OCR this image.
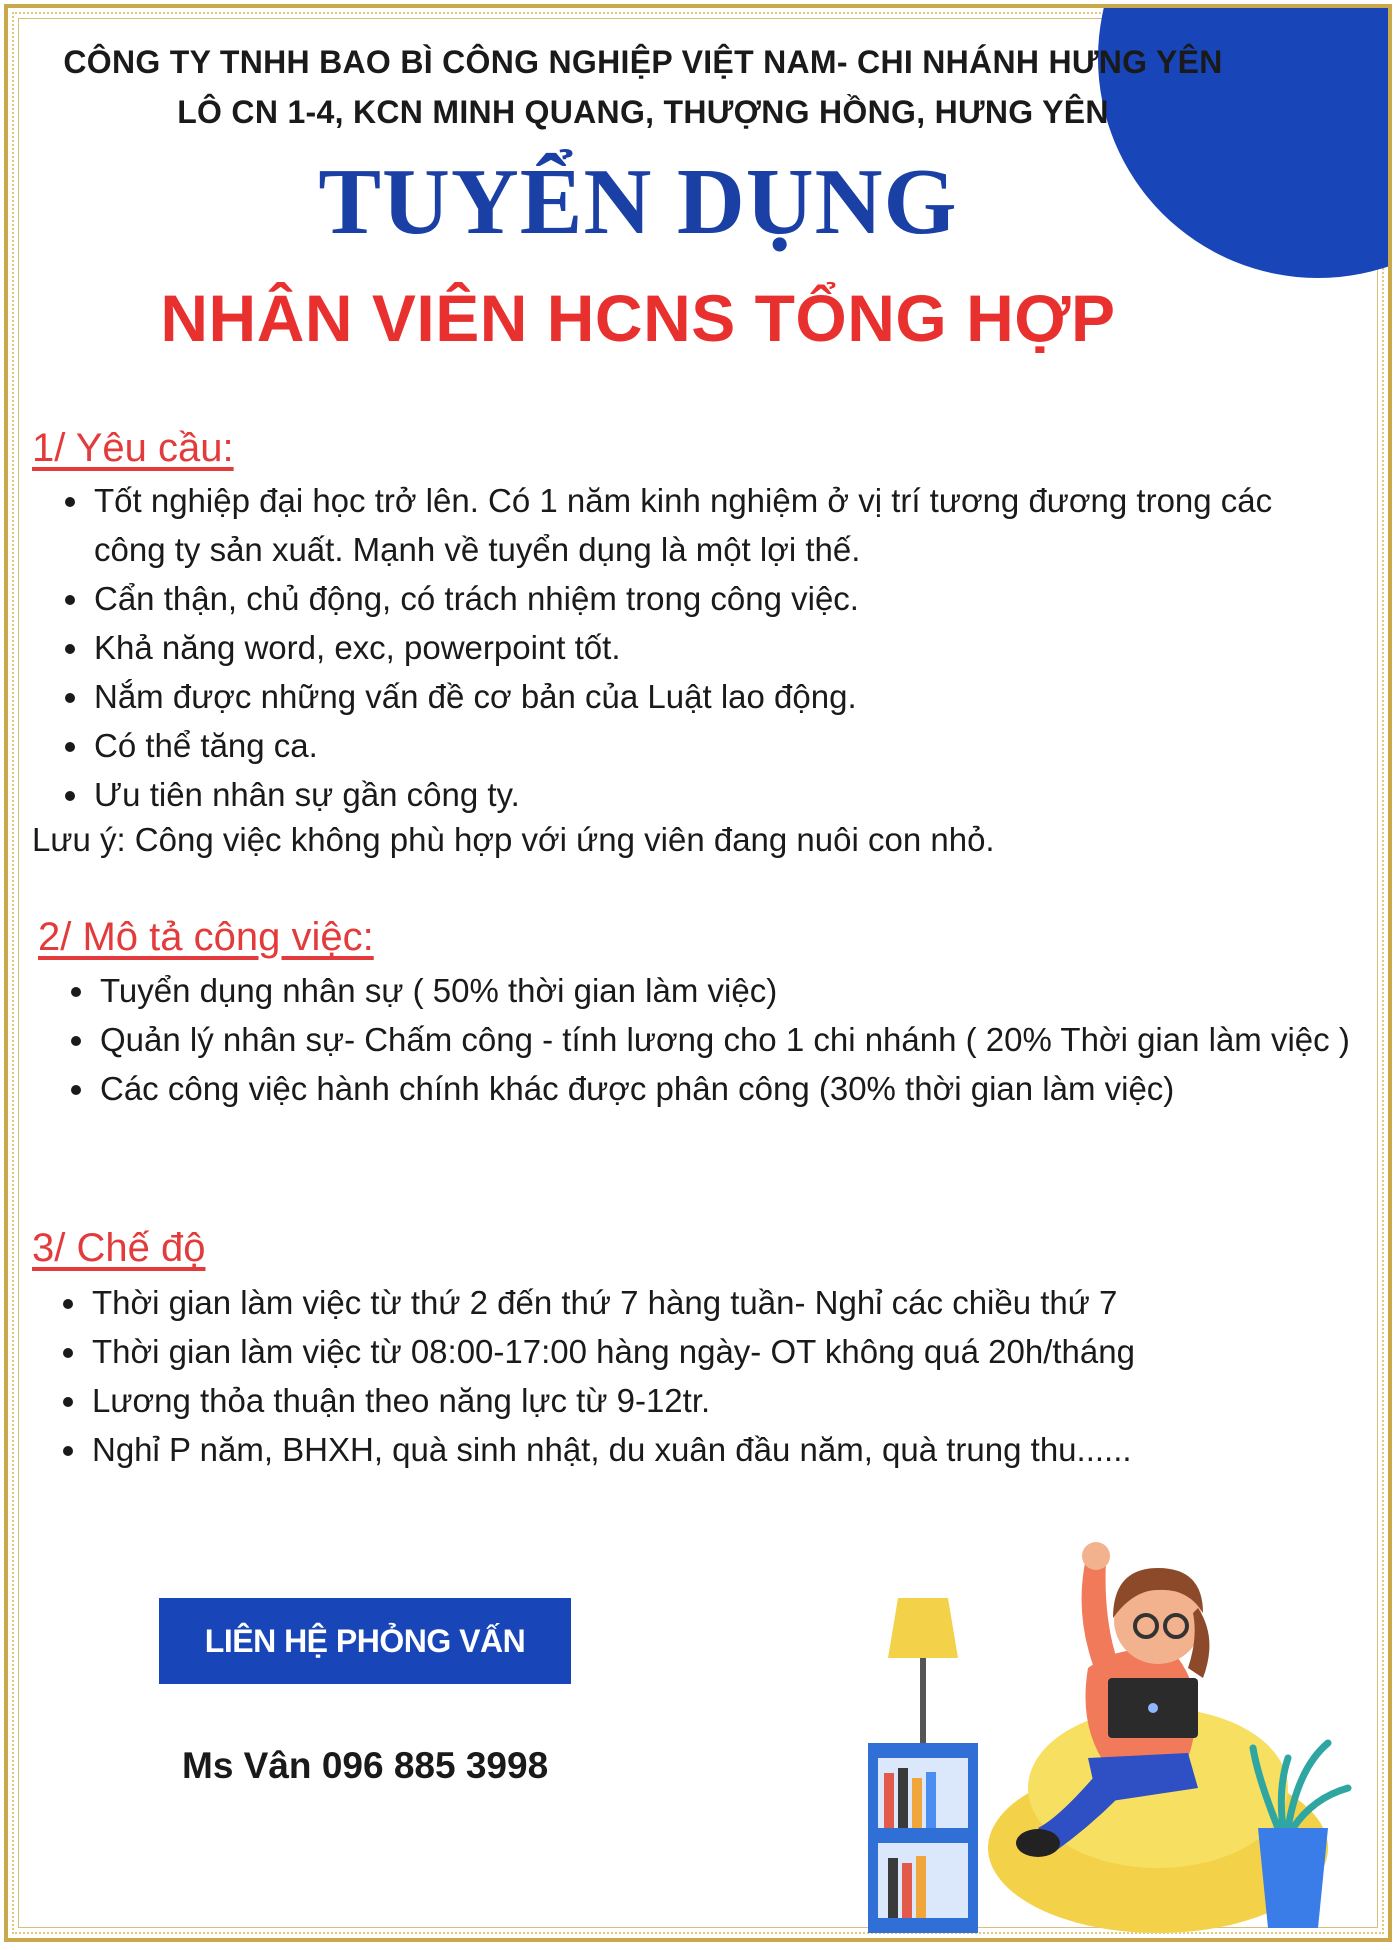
CÔNG TY TNHH BAO BÌ CÔNG NGHIỆP VIỆT NAM- CHI NHÁNH HƯNG YÊN
LÔ CN 1-4, KCN MINH QUANG, THƯỢNG HỒNG, HƯNG YÊN
TUYỂN DỤNG
NHÂN VIÊN HCNS TỔNG HỢP
1/ Yêu cầu:
• Tốt nghiệp đại học trở lên. Có 1 năm kinh nghiệm ở vị trí tương đương trong các công ty sản xuất. Mạnh về tuyển dụng là một lợi thế.
• Cẩn thận, chủ động, có trách nhiệm trong công việc.
• Khả năng word, exc, powerpoint tốt.
• Nắm được những vấn đề cơ bản của Luật lao động.
• Có thể tăng ca.
• Ưu tiên nhân sự gần công ty.
Lưu ý: Công việc không phù hợp với ứng viên đang nuôi con nhỏ.
2/ Mô tả công việc:
• Tuyển dụng nhân sự ( 50% thời gian làm việc)
• Quản lý nhân sự- Chấm công - tính lương cho 1 chi nhánh ( 20% Thời gian làm việc )
• Các công việc hành chính khác được phân công (30% thời gian làm việc)
3/ Chế độ
• Thời gian làm việc từ thứ 2 đến thứ 7 hàng tuần- Nghỉ các chiều thứ 7
• Thời gian làm việc từ 08:00-17:00 hàng ngày- OT không quá 20h/tháng
• Lương thỏa thuận theo năng lực từ 9-12tr.
• Nghỉ P năm, BHXH, quà sinh nhật, du xuân đầu năm, quà trung thu......
LIÊN HỆ PHỎNG VẤN
Ms Vân 096 885 3998
